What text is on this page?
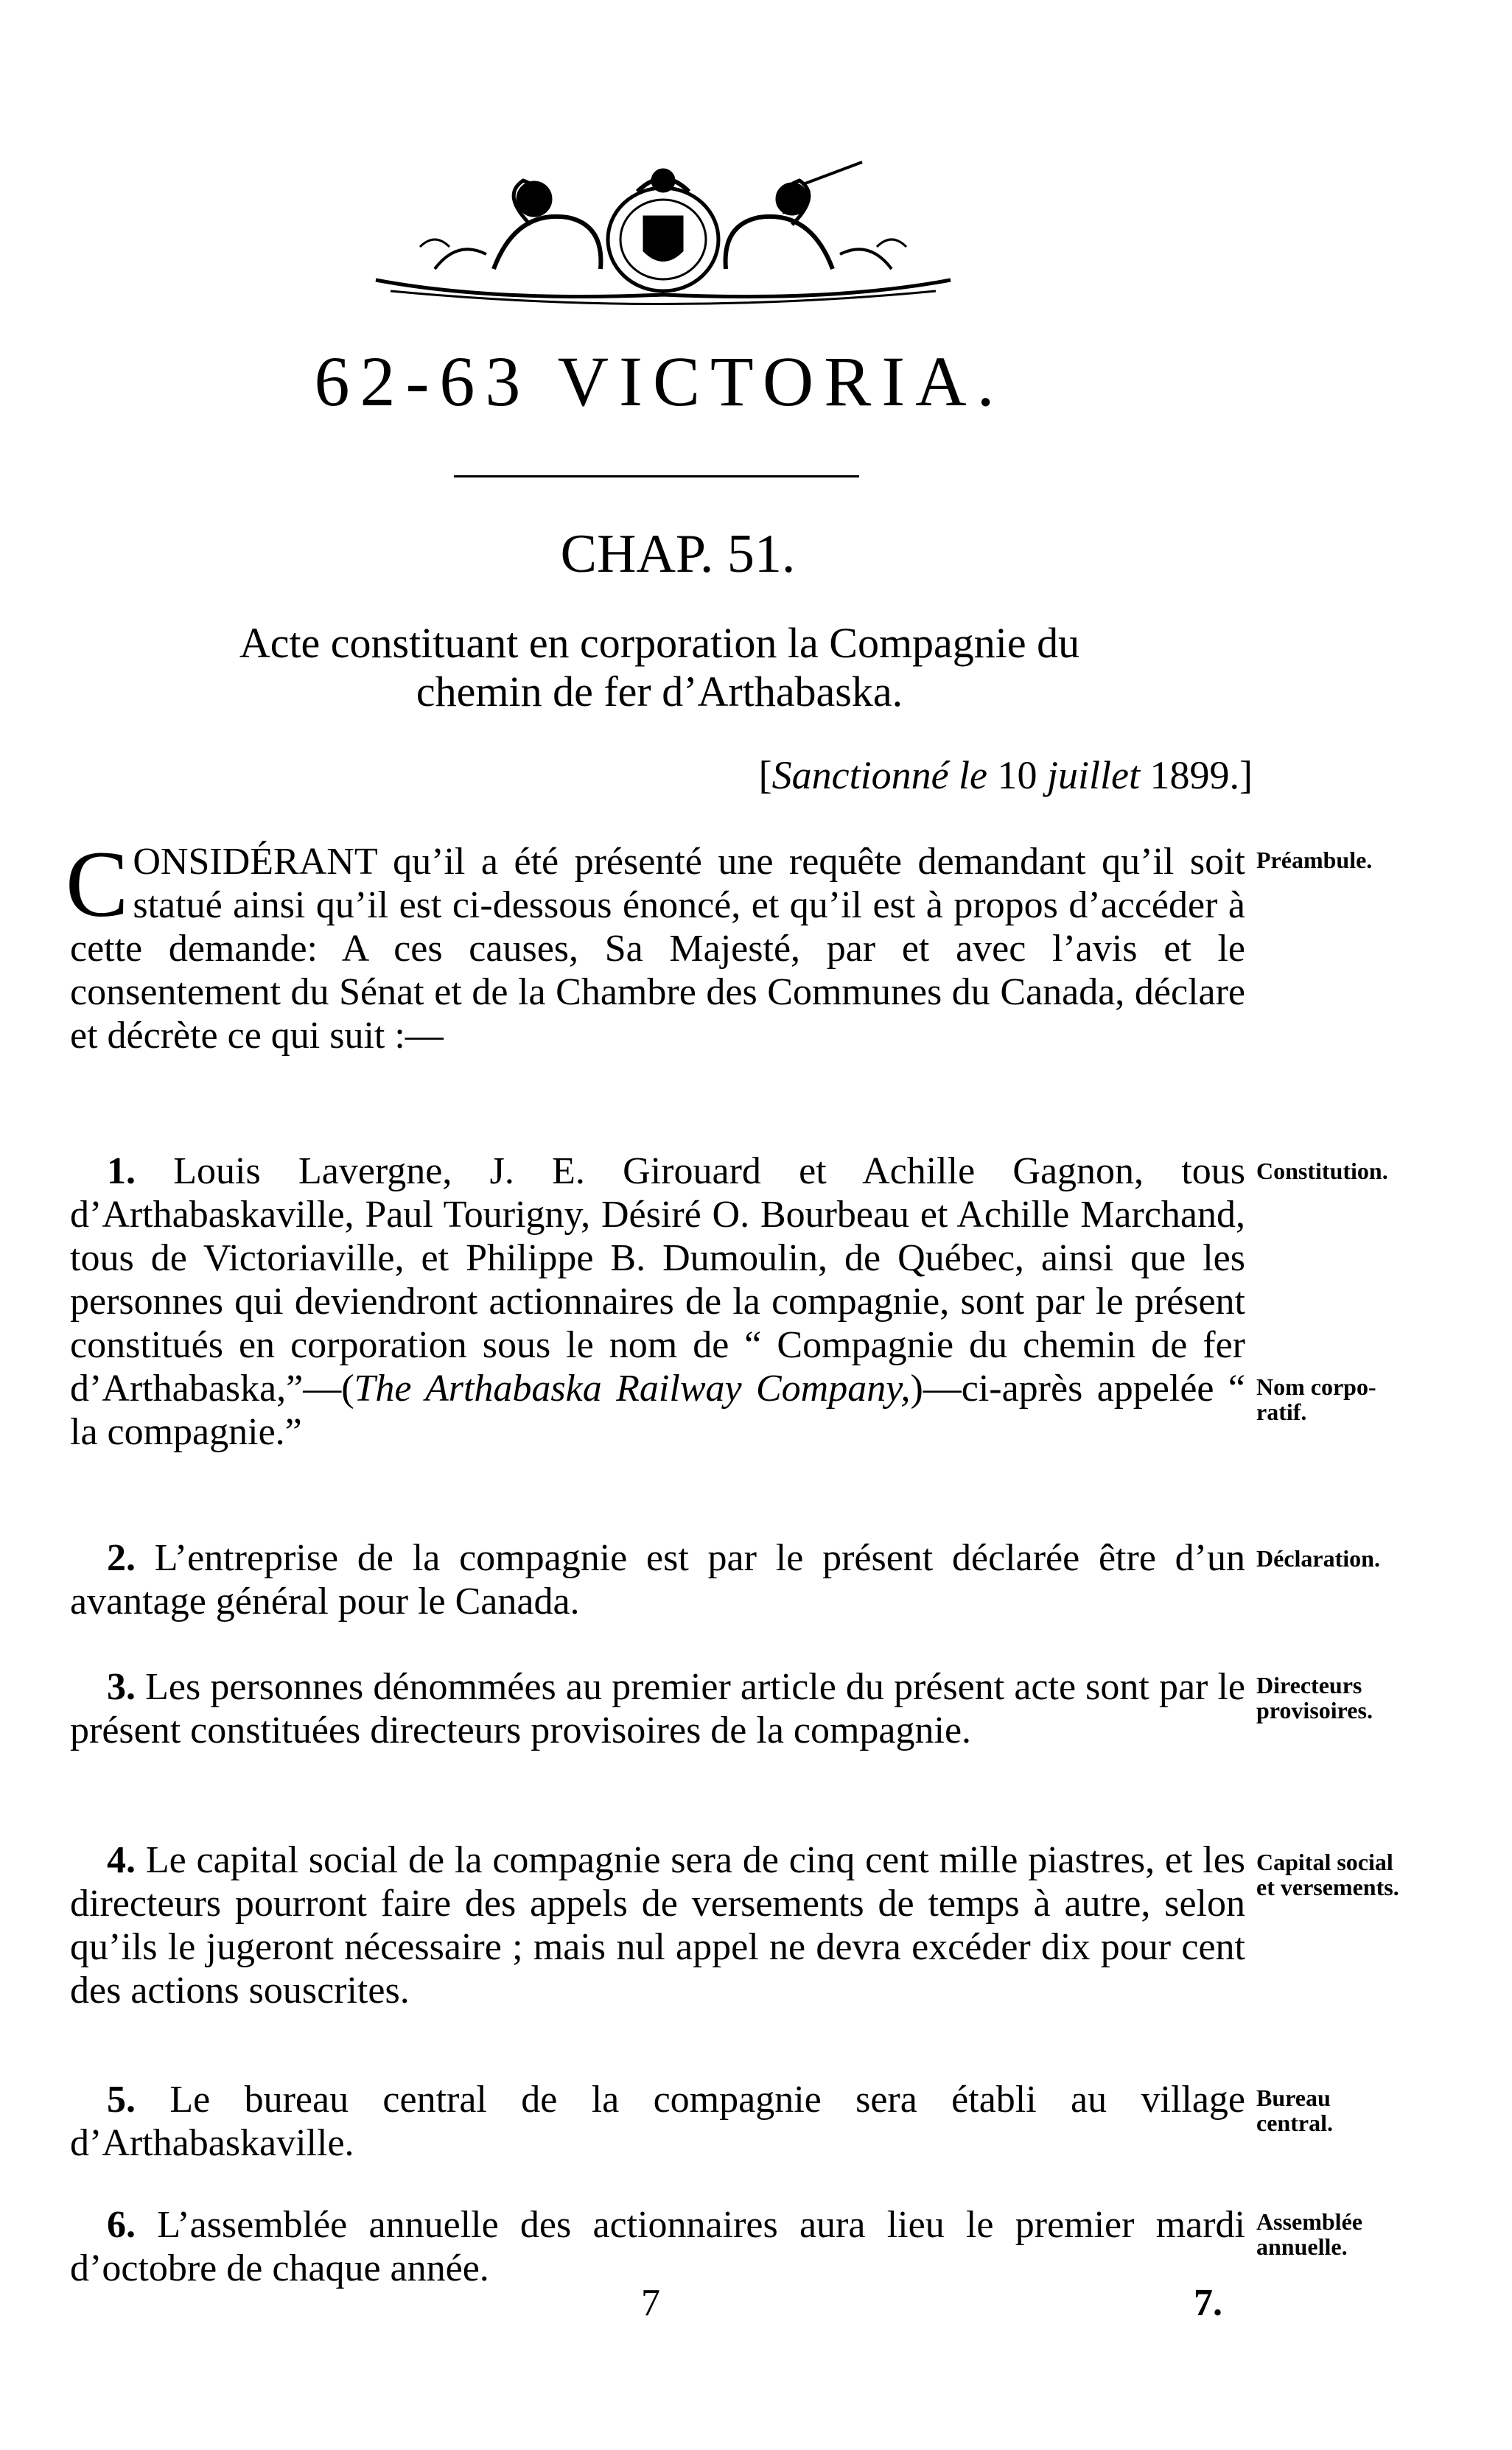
62-63 VICTORIA.
CHAP. 51.
Acte constituant en corporation la Compagnie du
chemin de fer d’Arthabaska.
[Sanctionné le 10 juillet 1899.]

CONSIDÉRANT qu’il a été présenté une requête demandant qu’il soit statué ainsi qu’il est ci-dessous énoncé, et qu’il est à propos d’accéder à cette demande: A ces causes, Sa Majesté, par et avec l’avis et le consentement du Sénat et de la Chambre des Communes du Canada, déclare et décrète ce qui suit :—

Préambule.

1. Louis Lavergne, J. E. Girouard et Achille Gagnon, tous d’Arthabaskaville, Paul Tourigny, Désiré O. Bourbeau et Achille Marchand, tous de Victoriaville, et Philippe B. Dumoulin, de Québec, ainsi que les personnes qui deviendront actionnaires de la compagnie, sont par le présent constitués en corporation sous le nom de “ Compagnie du chemin de fer d’Arthabaska,”—(The Arthabaska Railway Company,)—ci-après appelée “ la compagnie.”

Constitution.
Nom corpo-
ratif.

2. L’entreprise de la compagnie est par le présent déclarée être d’un avantage général pour le Canada.

Déclaration.

3. Les personnes dénommées au premier article du présent acte sont par le présent constituées directeurs provisoires de la compagnie.

Directeurs
provisoires.

4. Le capital social de la compagnie sera de cinq cent mille piastres, et les directeurs pourront faire des appels de versements de temps à autre, selon qu’ils le jugeront nécessaire ; mais nul appel ne devra excéder dix pour cent des actions souscrites.

Capital social
et versements.

5. Le bureau central de la compagnie sera établi au village d’Arthabaskaville.

Bureau
central.

6. L’assemblée annuelle des actionnaires aura lieu le premier mardi d’octobre de chaque année.

Assemblée
annuelle.
7	7.
